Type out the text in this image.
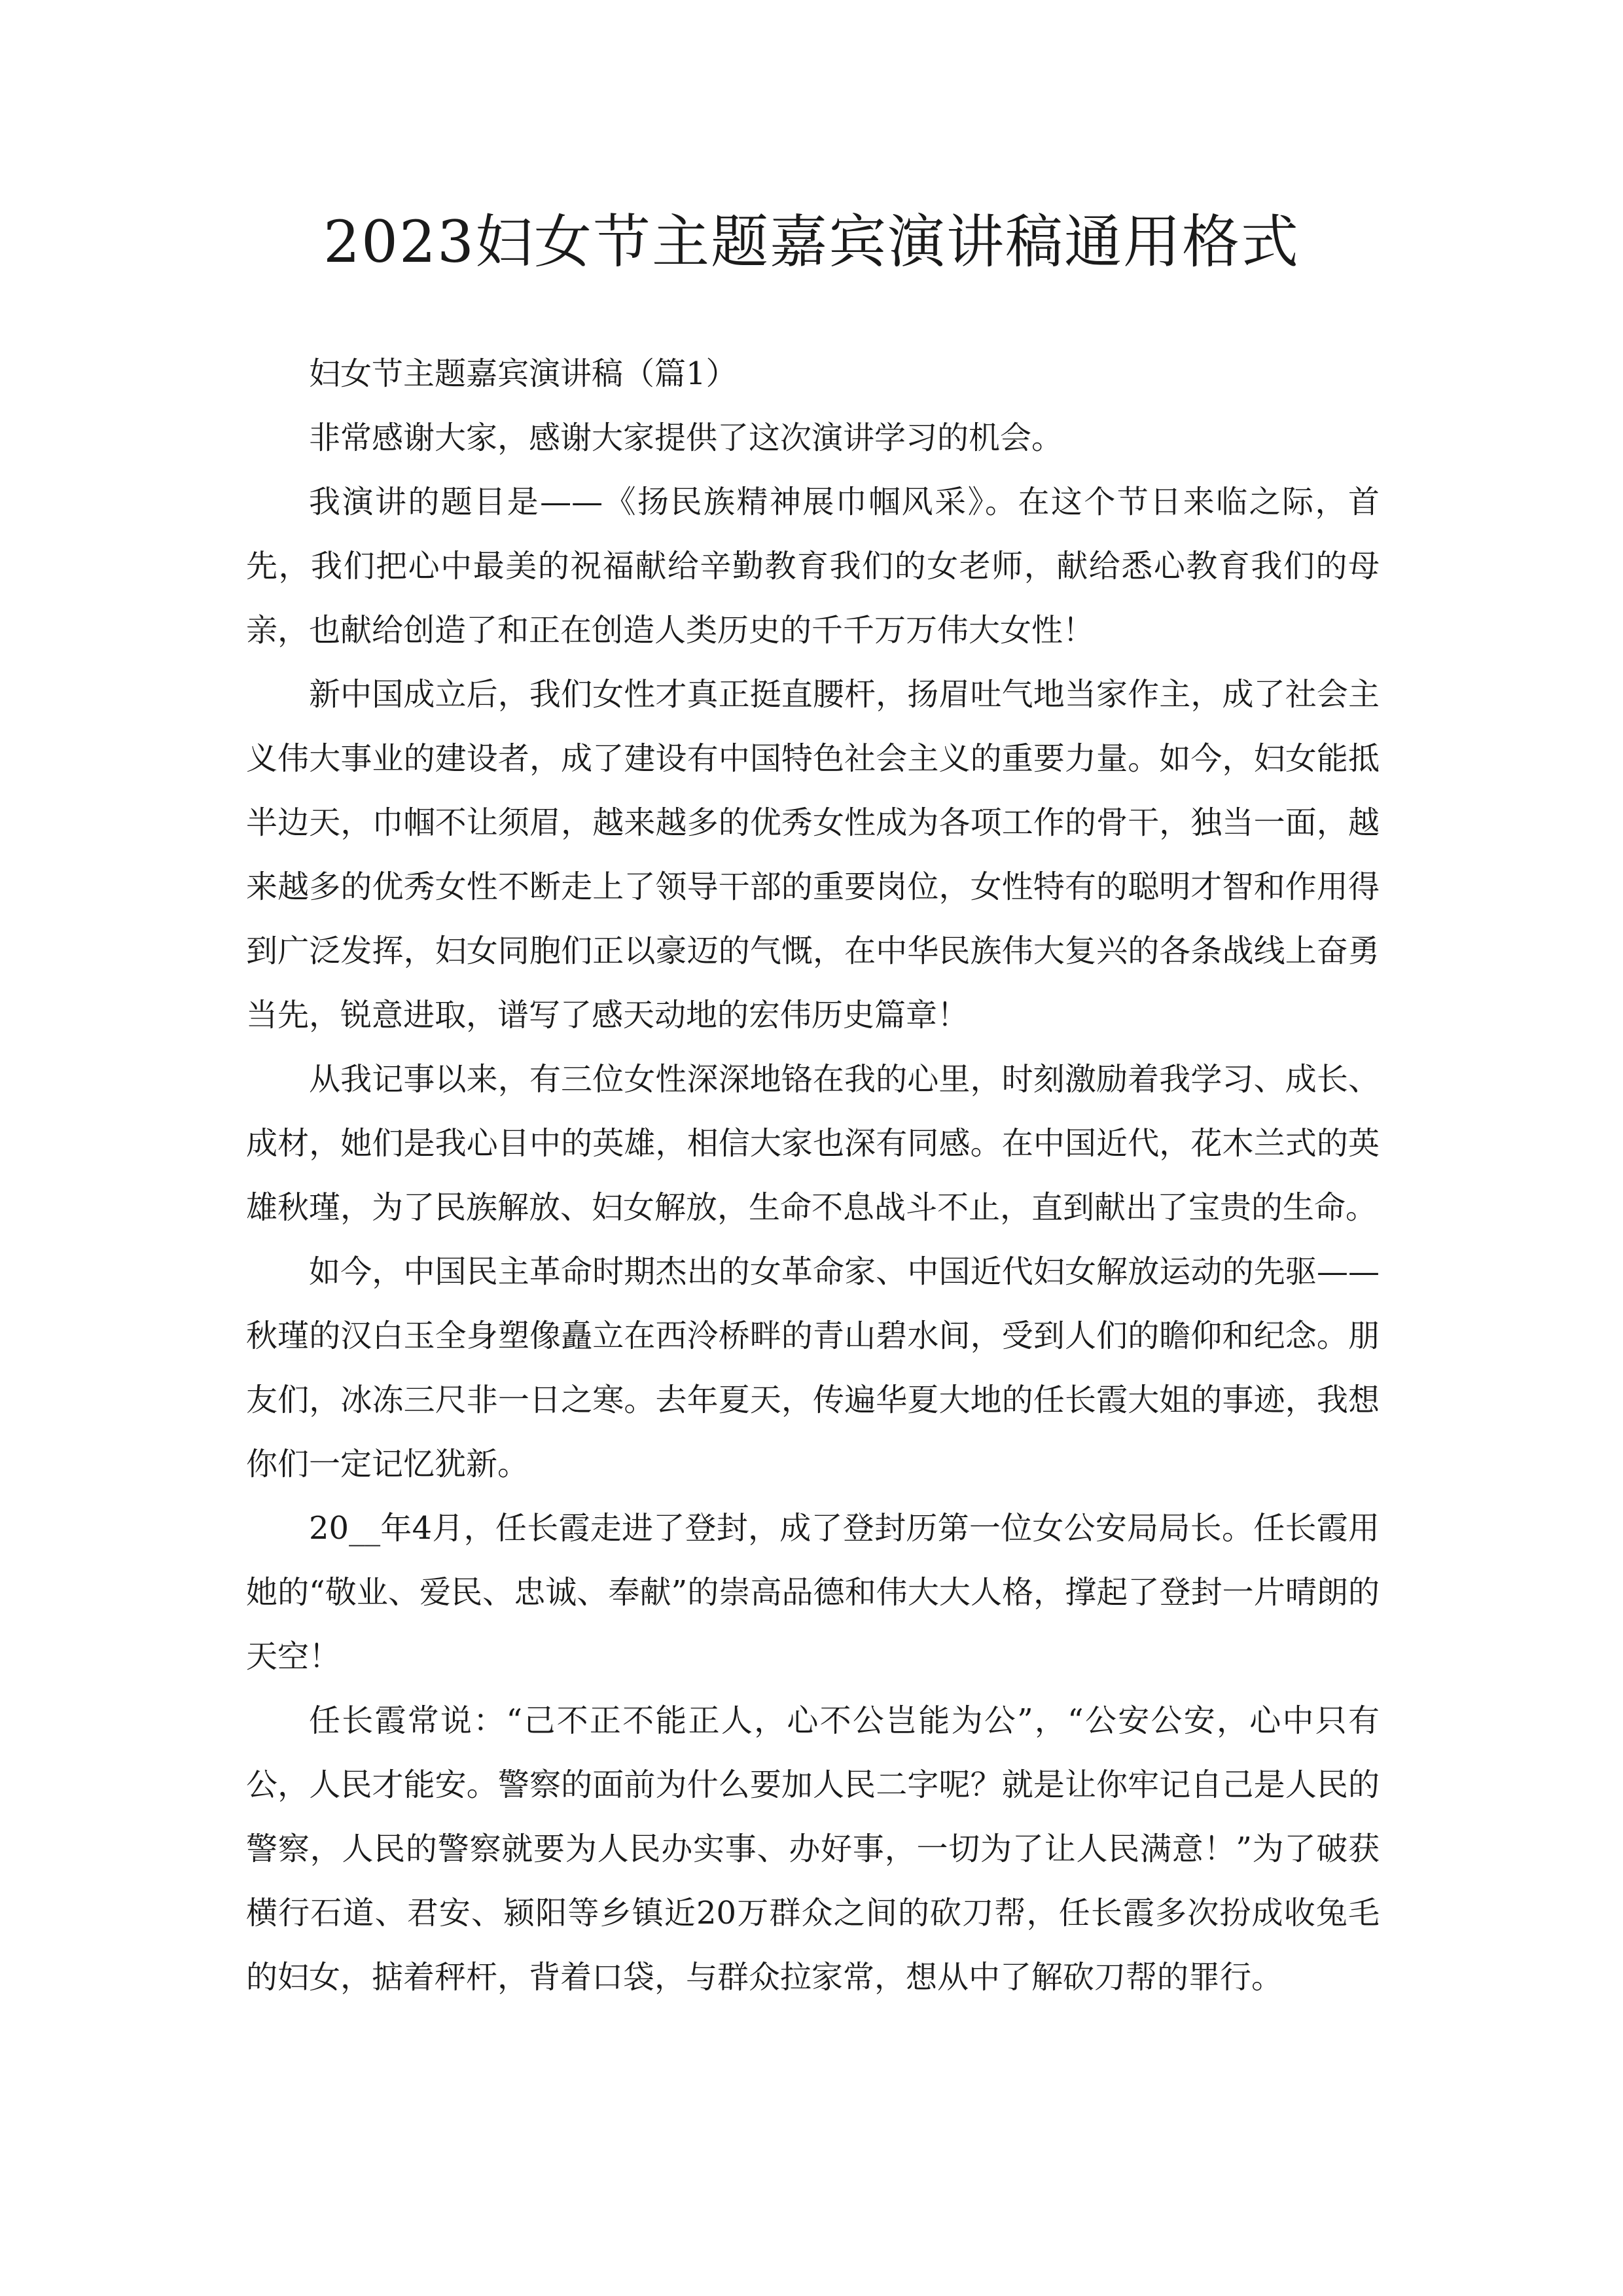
2023妇女节主题嘉宾演讲稿通用格式

妇女节主题嘉宾演讲稿（篇1）

非常感谢大家，感谢大家提供了这次演讲学习的机会。

我演讲的题目是——《扬民族精神展巾帼风采》。在这个节日来临之际，首先，我们把心中最美的祝福献给辛勤教育我们的女老师，献给悉心教育我们的母亲，也献给创造了和正在创造人类历史的千千万万伟大女性！

新中国成立后，我们女性才真正挺直腰杆，扬眉吐气地当家作主，成了社会主义伟大事业的建设者，成了建设有中国特色社会主义的重要力量。如今，妇女能抵半边天，巾帼不让须眉，越来越多的优秀女性成为各项工作的骨干，独当一面，越来越多的优秀女性不断走上了领导干部的重要岗位，女性特有的聪明才智和作用得到广泛发挥，妇女同胞们正以豪迈的气慨，在中华民族伟大复兴的各条战线上奋勇当先，锐意进取，谱写了感天动地的宏伟历史篇章！

从我记事以来，有三位女性深深地铬在我的心里，时刻激励着我学习、成长、成材，她们是我心目中的英雄，相信大家也深有同感。在中国近代，花木兰式的英雄秋瑾，为了民族解放、妇女解放，生命不息战斗不止，直到献出了宝贵的生命。

如今，中国民主革命时期杰出的女革命家、中国近代妇女解放运动的先驱——秋瑾的汉白玉全身塑像矗立在西泠桥畔的青山碧水间，受到人们的瞻仰和纪念。朋友们，冰冻三尺非一日之寒。去年夏天，传遍华夏大地的任长霞大姐的事迹，我想你们一定记忆犹新。

20__年4月，任长霞走进了登封，成了登封历第一位女公安局局长。任长霞用她的“敬业、爱民、忠诚、奉献”的崇高品德和伟大大人格，撑起了登封一片晴朗的天空！

任长霞常说：“己不正不能正人，心不公岂能为公”，“公安公安，心中只有公，人民才能安。警察的面前为什么要加人民二字呢？就是让你牢记自己是人民的警察，人民的警察就要为人民办实事、办好事，一切为了让人民满意！”为了破获横行石道、君安、颍阳等乡镇近20万群众之间的砍刀帮，任长霞多次扮成收兔毛的妇女，掂着秤杆，背着口袋，与群众拉家常，想从中了解砍刀帮的罪行。
